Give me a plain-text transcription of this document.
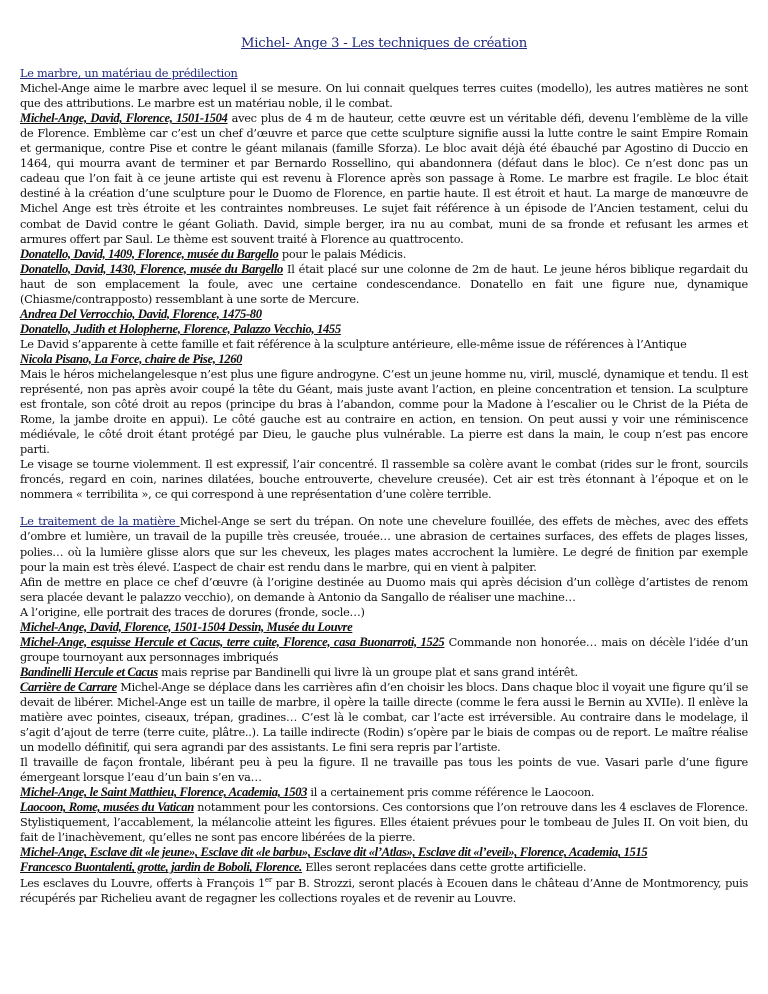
Michel- Ange 3 - Les techniques de création

Le marbre, un matériau de prédilection

Michel-Ange aime le marbre avec lequel il se mesure. On lui connait quelques terres cuites (modello), les autres matières ne sont que des attributions. Le marbre est un matériau noble, il le combat.

Michel-Ange, David, Florence, 1501-1504 avec plus de 4 m de hauteur, cette œuvre est un véritable défi, devenu l’emblème de la ville de Florence. Emblème car c’est un chef d’œuvre et parce que cette sculpture signifie aussi la lutte contre le saint Empire Romain et germanique, contre Pise et contre le géant milanais (famille Sforza). Le bloc avait déjà été ébauché par Agostino di Duccio en 1464, qui mourra avant de terminer et par Bernardo Rossellino, qui abandonnera (défaut dans le bloc). Ce n’est donc pas un cadeau que l’on fait à ce jeune artiste qui est revenu à Florence après son passage à Rome. Le marbre est fragile. Le bloc était destiné à la création d’une sculpture pour le Duomo de Florence, en partie haute. Il est étroit et haut. La marge de manœuvre de Michel Ange est très étroite et les contraintes nombreuses. Le sujet fait référence à un épisode de l’Ancien testament, celui du combat de David contre le géant Goliath. David, simple berger, ira nu au combat, muni de sa fronde et refusant les armes et armures offert par Saul. Le thème est souvent traité à Florence au quattrocento.

Donatello, David, 1409, Florence, musée du Bargello pour le palais Médicis.

Donatello, David, 1430, Florence, musée du Bargello Il était placé sur une colonne de 2m de haut. Le jeune héros biblique regardait du haut de son emplacement la foule, avec une certaine condescendance. Donatello en fait une figure nue, dynamique (Chiasme/contrapposto) ressemblant à une sorte de Mercure.

Andrea Del Verrocchio, David, Florence, 1475-80

Donatello, Judith et Holopherne, Florence, Palazzo Vecchio, 1455

Le David s’apparente à cette famille et fait référence à la sculpture antérieure, elle-même issue de références à l’Antique

Nicola Pisano, La Force, chaire de Pise, 1260

Mais le héros michelangelesque n’est plus une figure androgyne. C’est un jeune homme nu, viril, musclé, dynamique et tendu. Il est représenté, non pas après avoir coupé la tête du Géant, mais juste avant l’action, en pleine concentration et tension. La sculpture est frontale, son côté droit au repos (principe du bras à l’abandon, comme pour la Madone à l’escalier ou le Christ de la Piéta de Rome, la jambe droite en appui). Le côté gauche est au contraire en action, en tension. On peut aussi y voir une réminiscence médiévale, le côté droit étant protégé par Dieu, le gauche plus vulnérable. La pierre est dans la main, le coup n’est pas encore parti.

Le visage se tourne violemment. Il est expressif, l’air concentré. Il rassemble sa colère avant le combat (rides sur le front, sourcils froncés, regard en coin, narines dilatées, bouche entrouverte, chevelure creusée). Cet air est très étonnant à l’époque et on le nommera « terribilita », ce qui correspond à une représentation d’une colère terrible.

Le traitement de la matière Michel-Ange se sert du trépan. On note une chevelure fouillée, des effets de mèches, avec des effets d’ombre et lumière, un travail de la pupille très creusée, trouée… une abrasion de certaines surfaces, des effets de plages lisses, polies… où la lumière glisse alors que sur les cheveux, les plages mates accrochent la lumière. Le degré de finition par exemple pour la main est très élevé. L’aspect de chair est rendu dans le marbre, qui en vient à palpiter.

Afin de mettre en place ce chef d’œuvre (à l’origine destinée au Duomo mais qui après décision d’un collège d’artistes de renom sera placée devant le palazzo vecchio), on demande à Antonio da Sangallo de réaliser une machine…

A l’origine, elle portrait des traces de dorures (fronde, socle…)

Michel-Ange, David, Florence, 1501-1504 Dessin, Musée du Louvre

Michel-Ange, esquisse Hercule et Cacus, terre cuite, Florence, casa Buonarroti, 1525 Commande non honorée… mais on décèle l’idée d’un groupe tournoyant aux personnages imbriqués

Bandinelli Hercule et Cacus mais reprise par Bandinelli qui livre là un groupe plat et sans grand intérêt.

Carrière de Carrare Michel-Ange se déplace dans les carrières afin d’en choisir les blocs. Dans chaque bloc il voyait une figure qu’il se devait de libérer. Michel-Ange est un taille de marbre, il opère la taille directe (comme le fera aussi le Bernin au XVIIe). Il enlève la matière avec pointes, ciseaux, trépan, gradines… C’est là le combat, car l’acte est irréversible. Au contraire dans le modelage, il s’agit d’ajout de terre (terre cuite, plâtre..). La taille indirecte (Rodin) s’opère par le biais de compas ou de report. Le maître réalise un modello définitif, qui sera agrandi par des assistants. Le fini sera repris par l’artiste.

Il travaille de façon frontale, libérant peu à peu la figure. Il ne travaille pas tous les points de vue. Vasari parle d’une figure émergeant lorsque l’eau d’un bain s’en va…

Michel-Ange, le Saint Matthieu, Florence, Academia, 1503 il a certainement pris comme référence le Laocoon.

Laocoon, Rome, musées du Vatican notamment pour les contorsions. Ces contorsions que l’on retrouve dans les 4 esclaves de Florence. Stylistiquement, l’accablement, la mélancolie atteint les figures. Elles étaient prévues pour le tombeau de Jules II. On voit bien, du fait de l’inachèvement, qu’elles ne sont pas encore libérées de la pierre.

Michel-Ange, Esclave dit «le jeune», Esclave dit «le barbu», Esclave dit «l’Atlas», Esclave dit «l’eveil», Florence, Academia, 1515

Francesco Buontalenti, grotte, jardin de Boboli, Florence. Elles seront replacées dans cette grotte artificielle.

Les esclaves du Louvre, offerts à François 1er par B. Strozzi, seront placés à Ecouen dans le château d’Anne de Montmorency, puis récupérés par Richelieu avant de regagner les collections royales et de revenir au Louvre.
